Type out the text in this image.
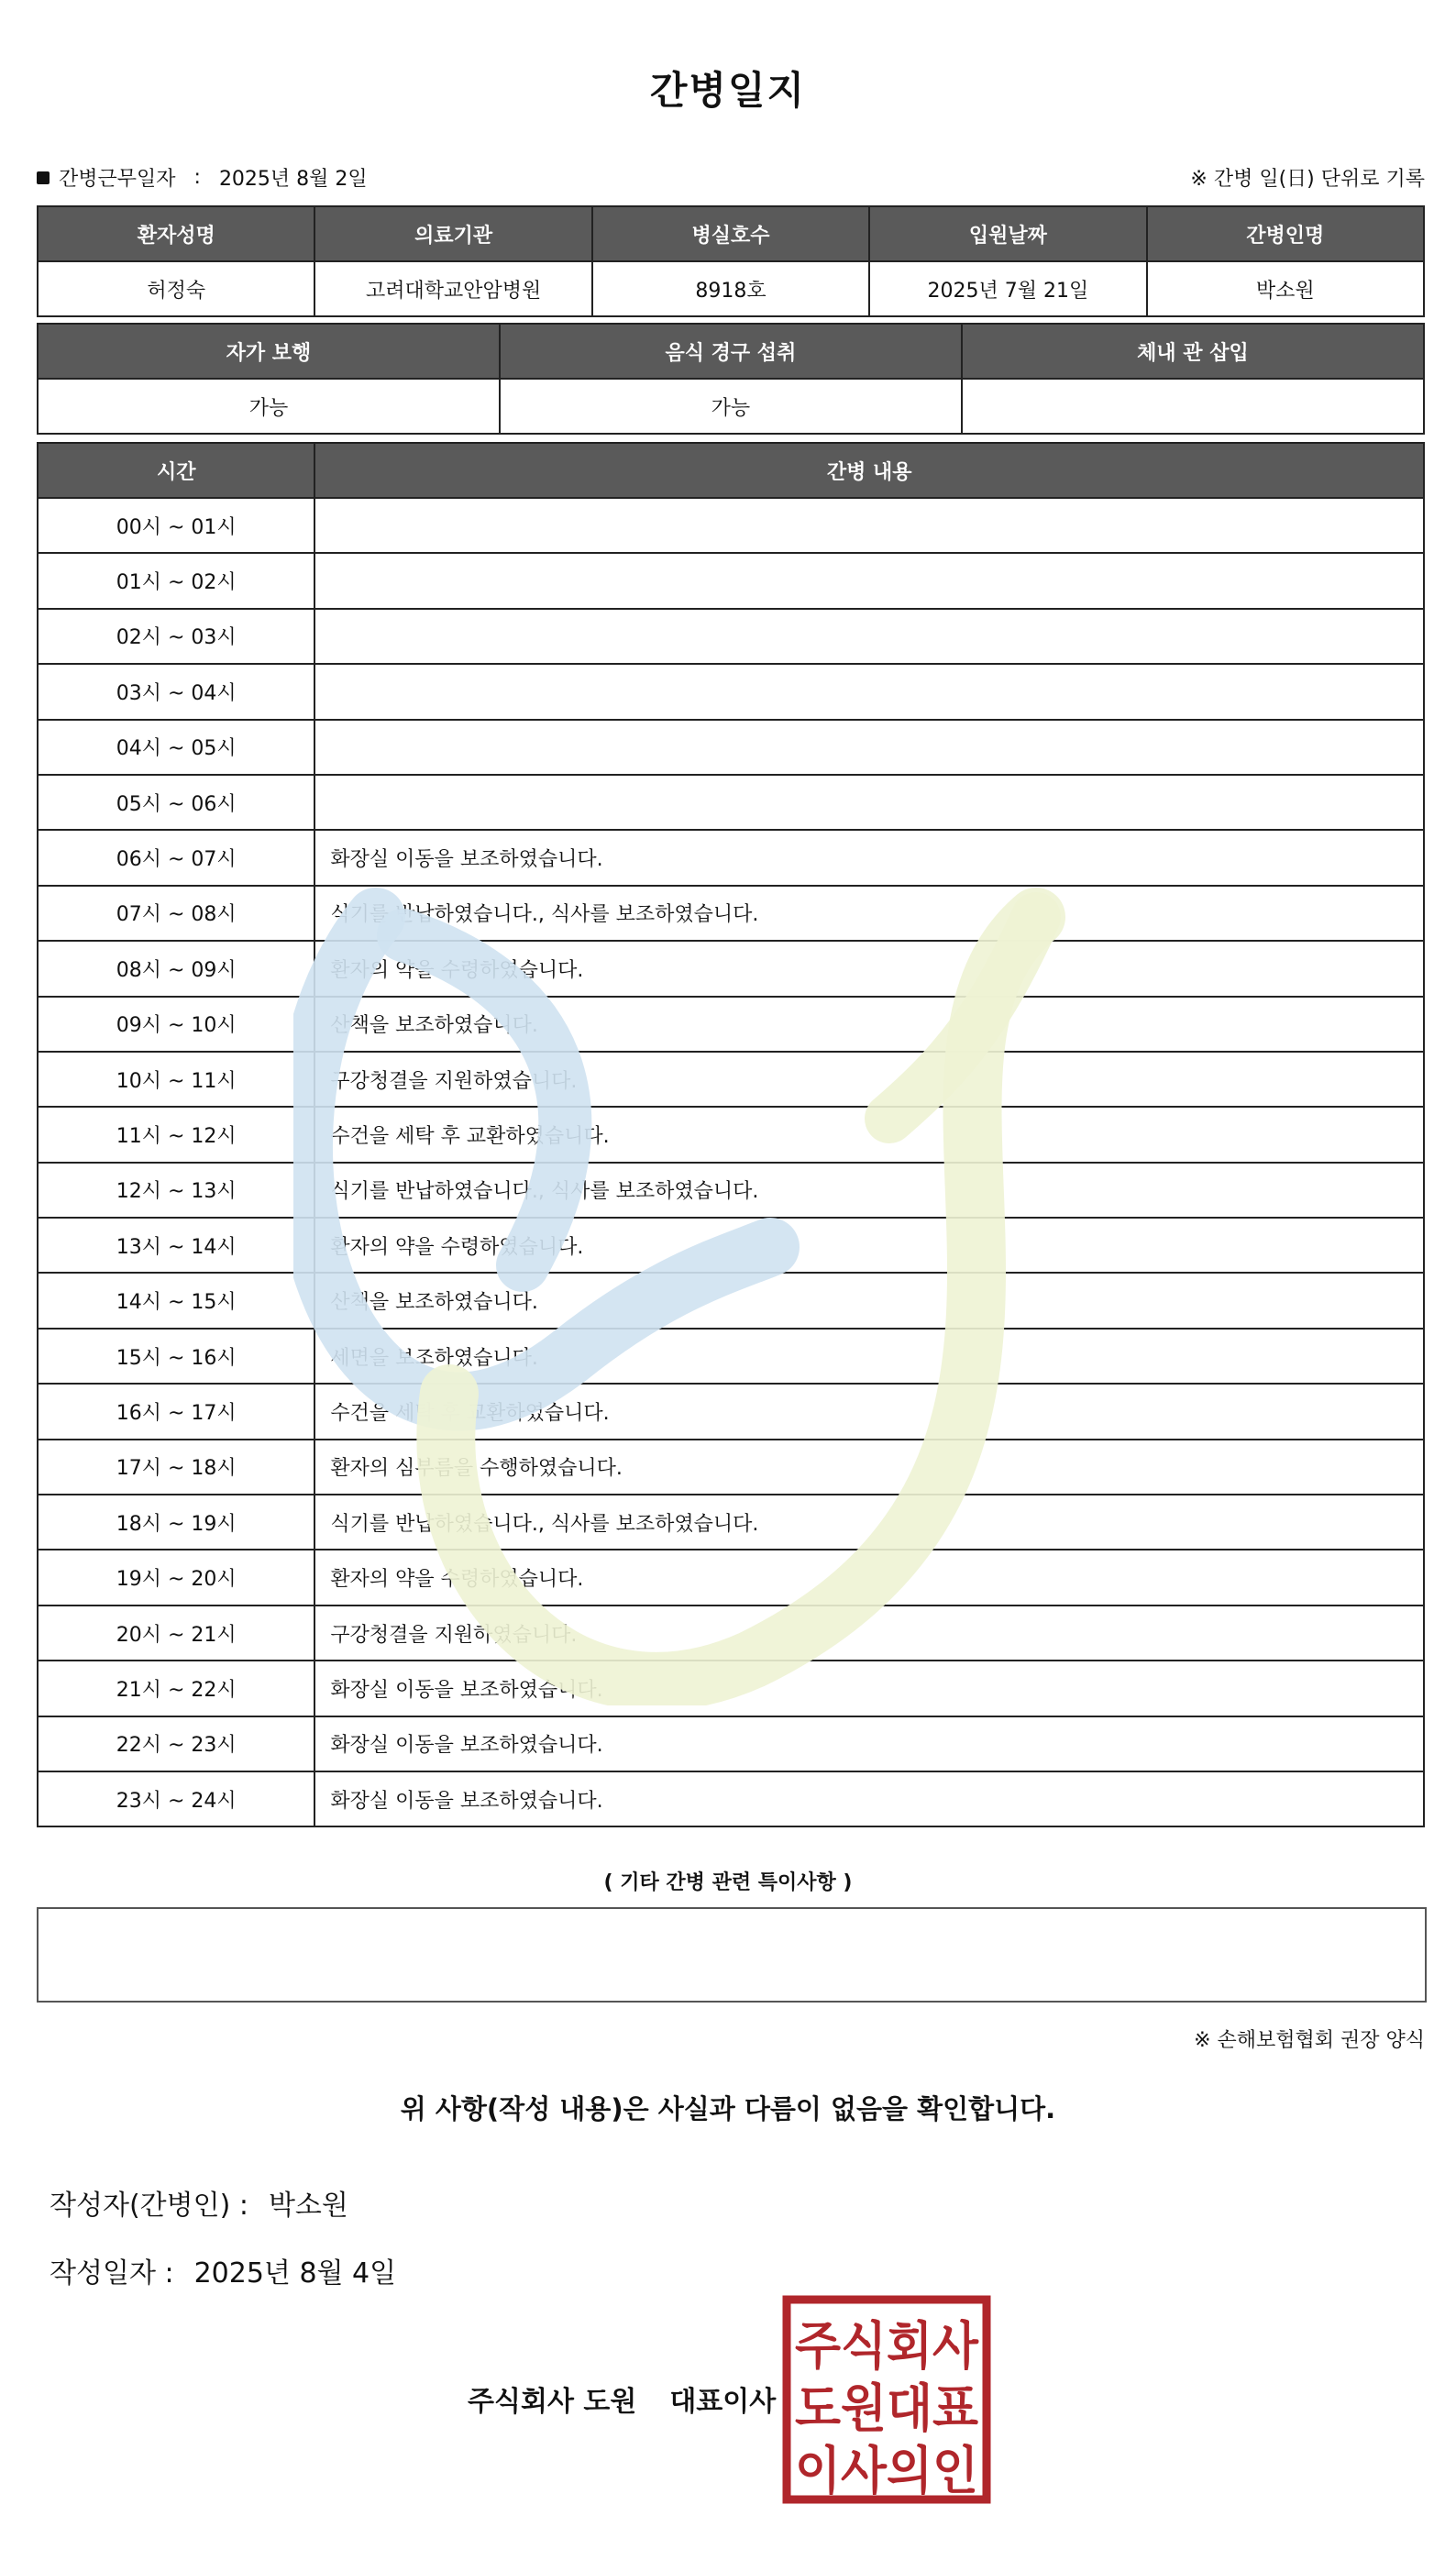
간병일지
간병근무일자 : 2025년 8월 2일	※ 간병 일(日) 단위로 기록
환자성명	의료기관	병실호수	입원날짜	간병인명
허정숙	고려대학교안암병원	8918호	2025년 7월 21일	박소원
자가 보행	음식 경구 섭취	체내 관 삽입
가능	가능	
시간	간병 내용
00시 ~ 01시	
01시 ~ 02시	
02시 ~ 03시	
03시 ~ 04시	
04시 ~ 05시	
05시 ~ 06시	
06시 ~ 07시	화장실 이동을 보조하였습니다.
07시 ~ 08시	식기를 반납하였습니다., 식사를 보조하였습니다.
08시 ~ 09시	환자의 약을 수령하였습니다.
09시 ~ 10시	산책을 보조하였습니다.
10시 ~ 11시	구강청결을 지원하였습니다.
11시 ~ 12시	수건을 세탁 후 교환하였습니다.
12시 ~ 13시	식기를 반납하였습니다., 식사를 보조하였습니다.
13시 ~ 14시	환자의 약을 수령하였습니다.
14시 ~ 15시	산책을 보조하였습니다.
15시 ~ 16시	세면을 보조하였습니다.
16시 ~ 17시	수건을 세탁 후 교환하였습니다.
17시 ~ 18시	환자의 심부름을 수행하였습니다.
18시 ~ 19시	식기를 반납하였습니다., 식사를 보조하였습니다.
19시 ~ 20시	환자의 약을 수령하였습니다.
20시 ~ 21시	구강청결을 지원하였습니다.
21시 ~ 22시	화장실 이동을 보조하였습니다.
22시 ~ 23시	화장실 이동을 보조하였습니다.
23시 ~ 24시	화장실 이동을 보조하였습니다.
( 기타 간병 관련 특이사항 )
※ 손해보험협회 권장 양식
위 사항(작성 내용)은 사실과 다름이 없음을 확인합니다.
작성자(간병인) : 박소원
작성일자 : 2025년 8월 4일
주식회사 도원 대표이사
주식회사
도원대표
이사의인
